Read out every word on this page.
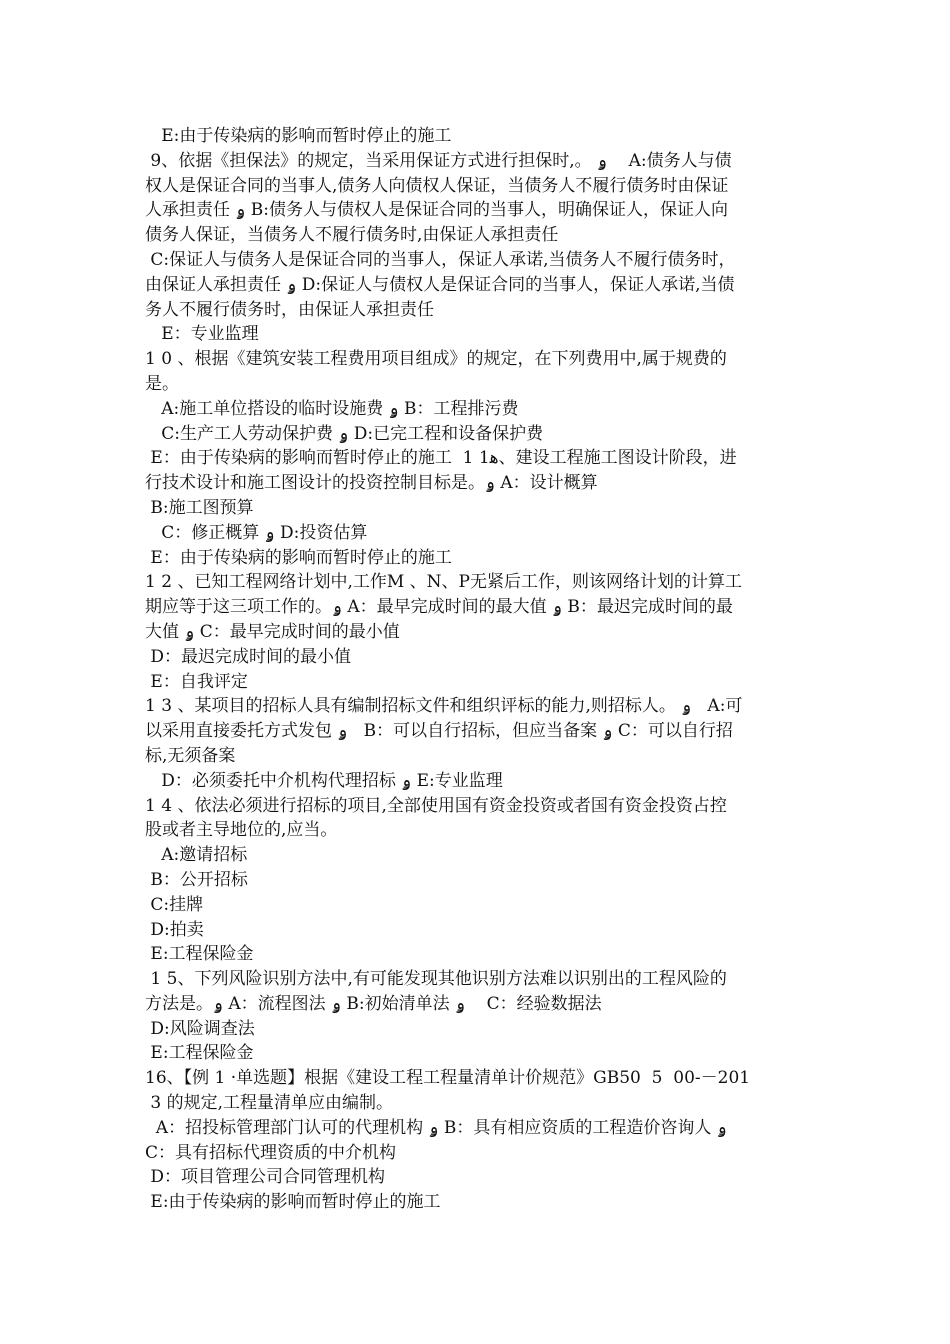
E:由于传染病的影响而暂时停止的施工
9、依据《担保法》的规定，当采用保证方式进行担保时,。 ۅ    A:债务人与债
权人是保证合同的当事人,债务人向债权人保证，当债务人不履行债务时由保证
人承担责任 ۅ B:债务人与债权人是保证合同的当事人，明确保证人，保证人向
债务人保证，当债务人不履行债务时,由保证人承担责任
C:保证人与债务人是保证合同的当事人，保证人承诺,当债务人不履行债务时，
由保证人承担责任 ۅ D:保证人与债权人是保证合同的当事人，保证人承诺,当债
务人不履行债务时，由保证人承担责任
E：专业监理
1 0 、根据《建筑安装工程费用项目组成》的规定，在下列费用中,属于规费的
是。
A:施工单位搭设的临时设施费 ۅ B：工程排污费
C:生产工人劳动保护费 ۅ D:已完工程和设备保护费
E：由于传染病的影响而暂时停止的施工  1 1ﻫ、建设工程施工图设计阶段，进
行技术设计和施工图设计的投资控制目标是。ۅ A：设计概算
B:施工图预算
C：修正概算 ۅ D:投资估算
E：由于传染病的影响而暂时停止的施工
1 2 、已知工程网络计划中,工作M 、N、P无紧后工作，则该网络计划的计算工
期应等于这三项工作的。ۅ A：最早完成时间的最大值 ۅ B：最迟完成时间的最
大值 ۅ C：最早完成时间的最小值
D：最迟完成时间的最小值
E：自我评定
1 3 、某项目的招标人具有编制招标文件和组织评标的能力,则招标人。 ۅ   A:可
以采用直接委托方式发包 ۅ   B：可以自行招标，但应当备案 ۅ C：可以自行招
标,无须备案
D：必须委托中介机构代理招标 ۅ E:专业监理
1 4 、依法必须进行招标的项目,全部使用国有资金投资或者国有资金投资占控
股或者主导地位的,应当。
A:邀请招标
B：公开招标
C:挂牌
D:拍卖
E:工程保险金
1 5、下列风险识别方法中,有可能发现其他识别方法难以识别出的工程风险的
方法是。ۅ A：流程图法 ۅ B:初始清单法 ۅ    C：经验数据法
D:风险调查法
E:工程保险金
16、【例 1 ·单选题】根据《建设工程工程量清单计价规范》GB50  5  00-－201
3 的规定,工程量清单应由编制。
A：招投标管理部门认可的代理机构 ۅ B：具有相应资质的工程造价咨询人 ۅ
C：具有招标代理资质的中介机构
D：项目管理公司合同管理机构
E:由于传染病的影响而暂时停止的施工
